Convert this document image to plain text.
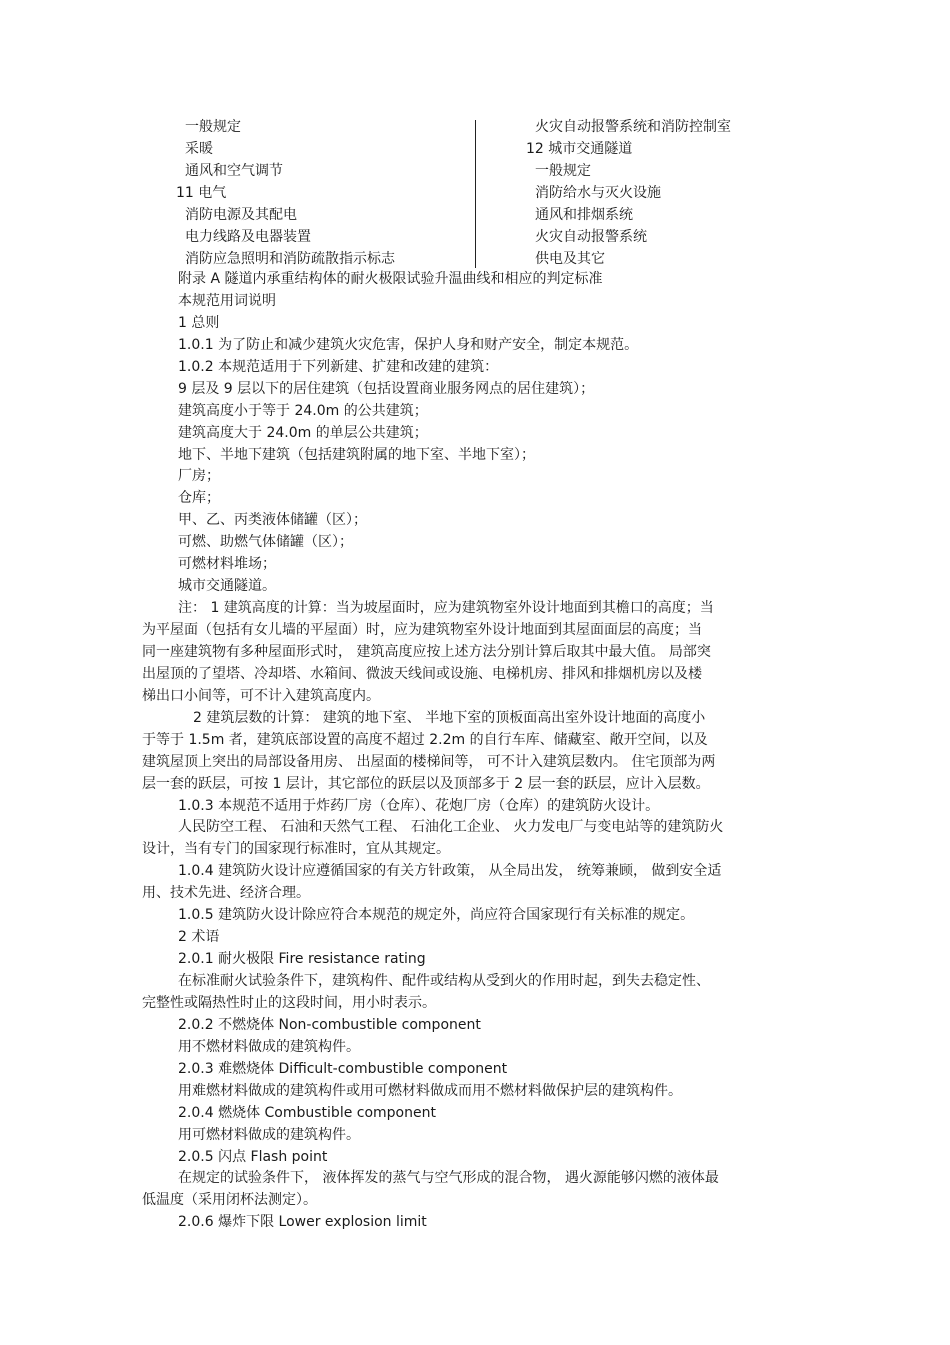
一般规定
采暖
通风和空气调节
11 电气
消防电源及其配电
电力线路及电器装置
消防应急照明和消防疏散指示标志
火灾自动报警系统和消防控制室
12 城市交通隧道
一般规定
消防给水与灭火设施
通风和排烟系统
火灾自动报警系统
供电及其它
附录 A 隧道内承重结构体的耐火极限试验升温曲线和相应的判定标准
本规范用词说明
1 总则
1.0.1 为了防止和减少建筑火灾危害，保护人身和财产安全，制定本规范。
1.0.2 本规范适用于下列新建、扩建和改建的建筑：
9 层及 9 层以下的居住建筑（包括设置商业服务网点的居住建筑）；
建筑高度小于等于 24.0m 的公共建筑；
建筑高度大于 24.0m 的单层公共建筑；
地下、半地下建筑（包括建筑附属的地下室、半地下室）；
厂房；
仓库；
甲、乙、丙类液体储罐（区）；
可燃、助燃气体储罐（区）；
可燃材料堆场；
城市交通隧道。
注： 1 建筑高度的计算：当为坡屋面时，应为建筑物室外设计地面到其檐口的高度；当
为平屋面（包括有女儿墙的平屋面）时，应为建筑物室外设计地面到其屋面面层的高度；当
同一座建筑物有多种屋面形式时， 建筑高度应按上述方法分别计算后取其中最大值。 局部突
出屋顶的了望塔、冷却塔、水箱间、微波天线间或设施、电梯机房、排风和排烟机房以及楼
梯出口小间等，可不计入建筑高度内。
2 建筑层数的计算： 建筑的地下室、 半地下室的顶板面高出室外设计地面的高度小
于等于 1.5m 者，建筑底部设置的高度不超过 2.2m 的自行车库、储藏室、敞开空间，以及
建筑屋顶上突出的局部设备用房、 出屋面的楼梯间等， 可不计入建筑层数内。 住宅顶部为两
层一套的跃层，可按 1 层计，其它部位的跃层以及顶部多于 2 层一套的跃层，应计入层数。
1.0.3 本规范不适用于炸药厂房（仓库）、花炮厂房（仓库）的建筑防火设计。
人民防空工程、 石油和天然气工程、 石油化工企业、 火力发电厂与变电站等的建筑防火
设计，当有专门的国家现行标准时，宜从其规定。
1.0.4 建筑防火设计应遵循国家的有关方针政策， 从全局出发， 统筹兼顾， 做到安全适
用、技术先进、经济合理。
1.0.5 建筑防火设计除应符合本规范的规定外，尚应符合国家现行有关标准的规定。
2 术语
2.0.1 耐火极限 Fire resistance rating
在标准耐火试验条件下，建筑构件、配件或结构从受到火的作用时起，到失去稳定性、
完整性或隔热性时止的这段时间，用小时表示。
2.0.2 不燃烧体 Non-combustible component
用不燃材料做成的建筑构件。
2.0.3 难燃烧体 Difficult-combustible component
用难燃材料做成的建筑构件或用可燃材料做成而用不燃材料做保护层的建筑构件。
2.0.4 燃烧体 Combustible component
用可燃材料做成的建筑构件。
2.0.5 闪点 Flash point
在规定的试验条件下， 液体挥发的蒸气与空气形成的混合物， 遇火源能够闪燃的液体最
低温度（采用闭杯法测定）。
2.0.6 爆炸下限 Lower explosion limit
